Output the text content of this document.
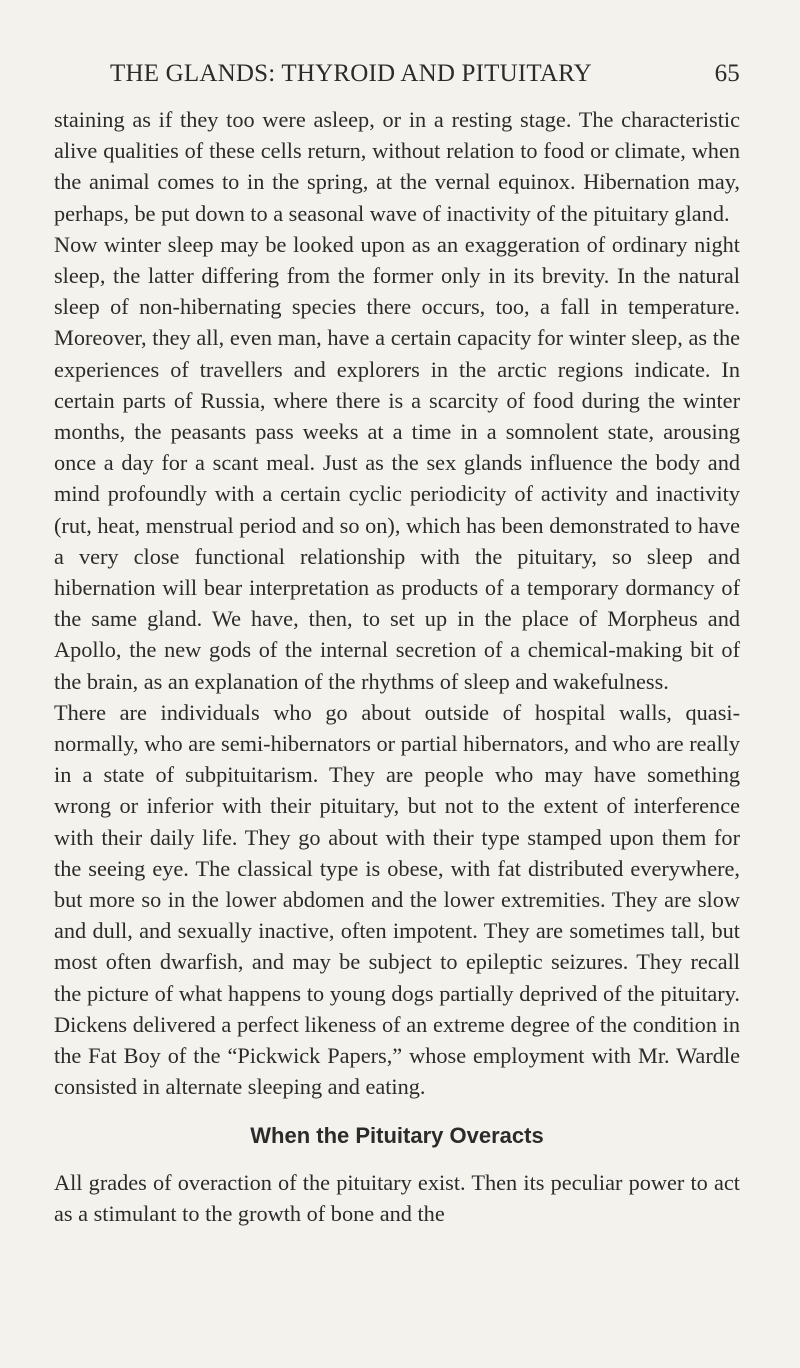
THE GLANDS: THYROID AND PITUITARY	65

staining as if they too were asleep, or in a resting stage. The characteristic alive qualities of these cells return, without relation to food or climate, when the animal comes to in the spring, at the vernal equinox. Hibernation may, perhaps, be put down to a seasonal wave of inactivity of the pituitary gland.

Now winter sleep may be looked upon as an exaggeration of ordinary night sleep, the latter differing from the former only in its brevity. In the natural sleep of non-hibernating species there occurs, too, a fall in temperature. Moreover, they all, even man, have a certain capacity for winter sleep, as the experiences of travellers and explorers in the arctic regions indicate. In certain parts of Russia, where there is a scarcity of food during the winter months, the peasants pass weeks at a time in a somnolent state, arousing once a day for a scant meal. Just as the sex glands influence the body and mind profoundly with a certain cyclic periodicity of activity and inactivity (rut, heat, menstrual period and so on), which has been demonstrated to have a very close functional relationship with the pituitary, so sleep and hibernation will bear interpretation as products of a temporary dormancy of the same gland. We have, then, to set up in the place of Morpheus and Apollo, the new gods of the internal secretion of a chemical-making bit of the brain, as an explanation of the rhythms of sleep and wakefulness.

There are individuals who go about outside of hospital walls, quasi-normally, who are semi-hibernators or partial hibernators, and who are really in a state of subpituitarism. They are people who may have something wrong or inferior with their pituitary, but not to the extent of interference with their daily life. They go about with their type stamped upon them for the seeing eye. The classical type is obese, with fat distributed everywhere, but more so in the lower abdomen and the lower extremities. They are slow and dull, and sexually inactive, often impotent. They are sometimes tall, but most often dwarfish, and may be subject to epileptic seizures. They recall the picture of what happens to young dogs partially deprived of the pituitary. Dickens delivered a perfect likeness of an extreme degree of the condition in the Fat Boy of the “Pickwick Papers,” whose employment with Mr. Wardle consisted in alternate sleeping and eating.

When the Pituitary Overacts

All grades of overaction of the pituitary exist. Then its peculiar power to act as a stimulant to the growth of bone and the
